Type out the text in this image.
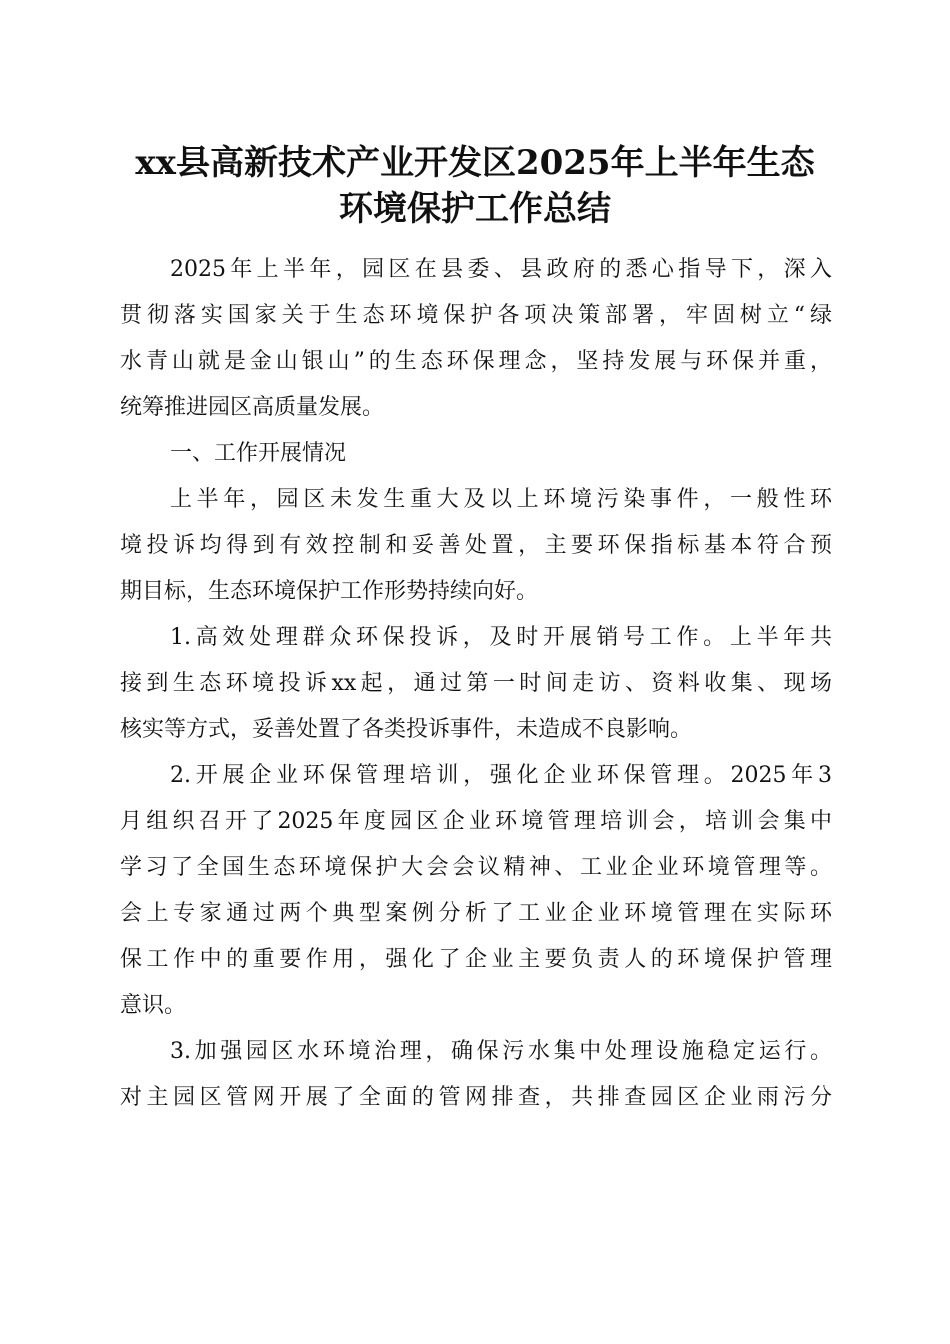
xx县高新技术产业开发区2025年上半年生态
环境保护工作总结

2025年上半年，园区在县委、县政府的悉心指导下，深入

贯彻落实国家关于生态环境保护各项决策部署，牢固树立“绿

水青山就是金山银山”的生态环保理念，坚持发展与环保并重，

统筹推进园区高质量发展。

一、工作开展情况

上半年，园区未发生重大及以上环境污染事件，一般性环

境投诉均得到有效控制和妥善处置，主要环保指标基本符合预

期目标，生态环境保护工作形势持续向好。

1.高效处理群众环保投诉，及时开展销号工作。上半年共

接到生态环境投诉xx起，通过第一时间走访、资料收集、现场

核实等方式，妥善处置了各类投诉事件，未造成不良影响。

2.开展企业环保管理培训，强化企业环保管理。2025年3

月组织召开了2025年度园区企业环境管理培训会，培训会集中

学习了全国生态环境保护大会会议精神、工业企业环境管理等。

会上专家通过两个典型案例分析了工业企业环境管理在实际环

保工作中的重要作用，强化了企业主要负责人的环境保护管理

意识。

3.加强园区水环境治理，确保污水集中处理设施稳定运行。

对主园区管网开展了全面的管网排查，共排查园区企业雨污分
